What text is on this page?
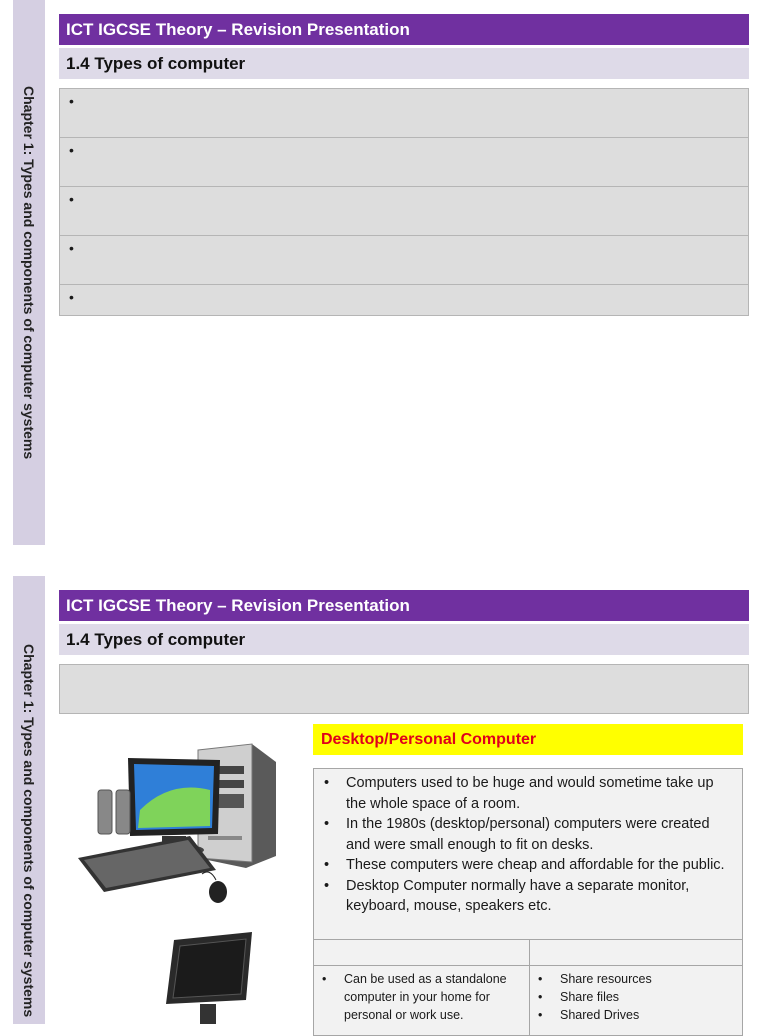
Chapter 1: Types and components of computer systems
ICT IGCSE Theory – Revision Presentation
1.4 Types of computer
•
•
•
•
•
Chapter 1: Types and components of computer systems
ICT IGCSE Theory – Revision Presentation
1.4 Types of computer
Desktop/Personal Computer
• Computers used to be huge and would sometime take up the whole space of a room.
• In the 1980s (desktop/personal) computers were created and were small enough to fit on desks.
• These computers were cheap and affordable for the public.
• Desktop Computer normally have a separate monitor, keyboard, mouse, speakers etc.
• Can be used as a standalone computer in your home for personal or work use.
• Share resources
• Share files
• Shared Drives
